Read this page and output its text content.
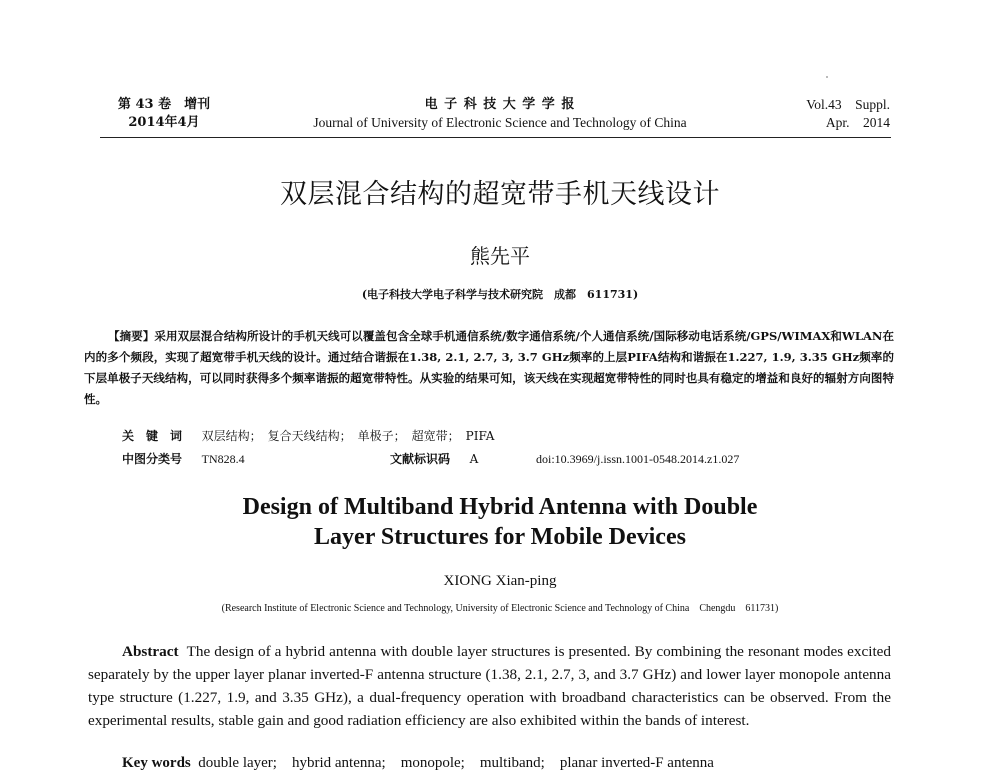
第 43 卷　增刊
2014年4月
电 子 科 技 大 学 学 报
Journal of University of Electronic Science and Technology of China
Vol.43　Suppl.
Apr.　2014
双层混合结构的超宽带手机天线设计
熊先平
(电子科技大学电子科学与技术研究院　成都　611731)
【摘要】采用双层混合结构所设计的手机天线可以覆盖包含全球手机通信系统/数字通信系统/个人通信系统/国际移动电话系统/GPS/WIMAX和WLAN在内的多个频段，实现了超宽带手机天线的设计。通过结合谐振在1.38, 2.1, 2.7, 3, 3.7 GHz频率的上层PIFA结构和谐振在1.227, 1.9, 3.35 GHz频率的下层单极子天线结构，可以同时获得多个频率谐振的超宽带特性。从实验的结果可知，该天线在实现超宽带特性的同时也具有稳定的增益和良好的辐射方向图特性。
关　键　词 双层结构；　复合天线结构；　单极子；　超宽带；　PIFA
中图分类号 TN828.4	文献标识码 A	doi:10.3969/j.issn.1001-0548.2014.z1.027
Design of Multiband Hybrid Antenna with Double
Layer Structures for Mobile Devices
XIONG Xian-ping
(Research Institute of Electronic Science and Technology, University of Electronic Science and Technology of China　Chengdu　611731)
Abstract The design of a hybrid antenna with double layer structures is presented. By combining the resonant modes excited separately by the upper layer planar inverted-F antenna structure (1.38, 2.1, 2.7, 3, and 3.7 GHz) and lower layer monopole antenna type structure (1.227, 1.9, and 3.35 GHz), a dual-frequency operation with broadband characteristics can be observed. From the experimental results, stable gain and good radiation efficiency are also exhibited within the bands of interest.
Key words double layer;　hybrid antenna;　monopole;　multiband;　planar inverted-F antenna
